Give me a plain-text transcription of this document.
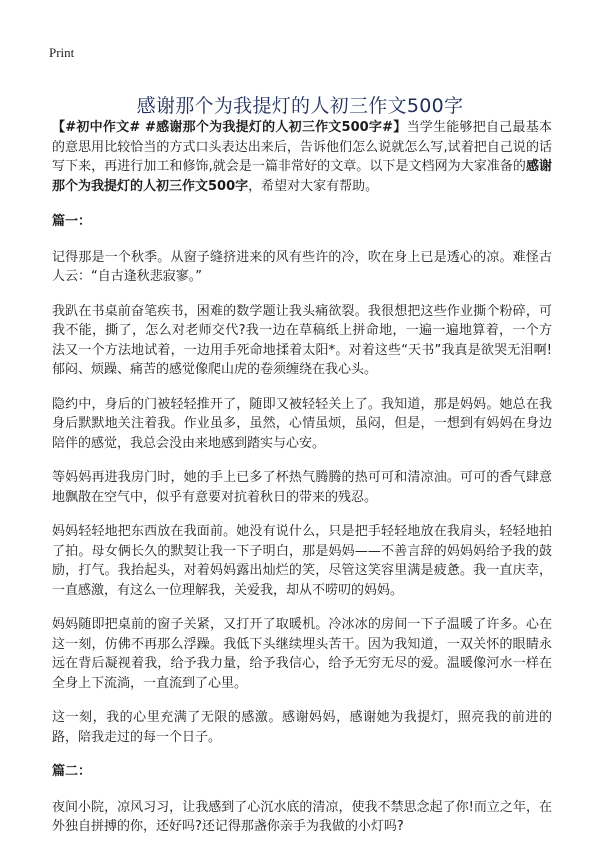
Print
感谢那个为我提灯的人初三作文500字

【#初中作文# #感谢那个为我提灯的人初三作文500字#】当学生能够把自己最基本的意思用比较恰当的方式口头表达出来后，告诉他们怎么说就怎么写,试着把自己说的话写下来，再进行加工和修饰,就会是一篇非常好的文章。以下是文档网为大家准备的感谢那个为我提灯的人初三作文500字，希望对大家有帮助。

篇一：

记得那是一个秋季。从窗子缝挤进来的风有些许的冷，吹在身上已是透心的凉。难怪古人云：“自古逢秋悲寂寥。”

我趴在书桌前奋笔疾书，困难的数学题让我头痛欲裂。我很想把这些作业撕个粉碎，可我不能，撕了，怎么对老师交代?我一边在草稿纸上拼命地，一遍一遍地算着，一个方法又一个方法地试着，一边用手死命地揉着太阳*。对着这些“天书”我真是欲哭无泪啊!郁闷、烦躁、痛苦的感觉像爬山虎的卷须缠绕在我心头。

隐约中，身后的门被轻轻推开了，随即又被轻轻关上了。我知道，那是妈妈。她总在我身后默默地关注着我。作业虽多，虽然，心情虽烦，虽闷，但是，一想到有妈妈在身边陪伴的感觉，我总会没由来地感到踏实与心安。

等妈妈再进我房门时，她的手上已多了杯热气腾腾的热可可和清凉油。可可的香气肆意地飘散在空气中，似乎有意要对抗着秋日的带来的残忍。

妈妈轻轻地把东西放在我面前。她没有说什么，只是把手轻轻地放在我肩头，轻轻地拍了拍。母女俩长久的默契让我一下子明白，那是妈妈——不善言辞的妈妈妈给予我的鼓励，打气。我抬起头，对着妈妈露出灿烂的笑，尽管这笑容里满是疲惫。我一直庆幸，一直感激，有这么一位理解我，关爱我，却从不唠叨的妈妈。

妈妈随即把桌前的窗子关紧，又打开了取暖机。冷冰冰的房间一下子温暖了许多。心在这一刻，仿佛不再那么浮躁。我低下头继续埋头苦干。因为我知道，一双关怀的眼睛永远在背后凝视着我，给予我力量，给予我信心，给予无穷无尽的爱。温暖像河水一样在全身上下流淌，一直流到了心里。

这一刻，我的心里充满了无限的感激。感谢妈妈，感谢她为我提灯，照亮我的前进的路，陪我走过的每一个日子。

篇二：

夜间小院，凉风习习，让我感到了心沉水底的清凉，使我不禁思念起了你!而立之年，在外独自拼搏的你，还好吗?还记得那盏你亲手为我做的小灯吗?
